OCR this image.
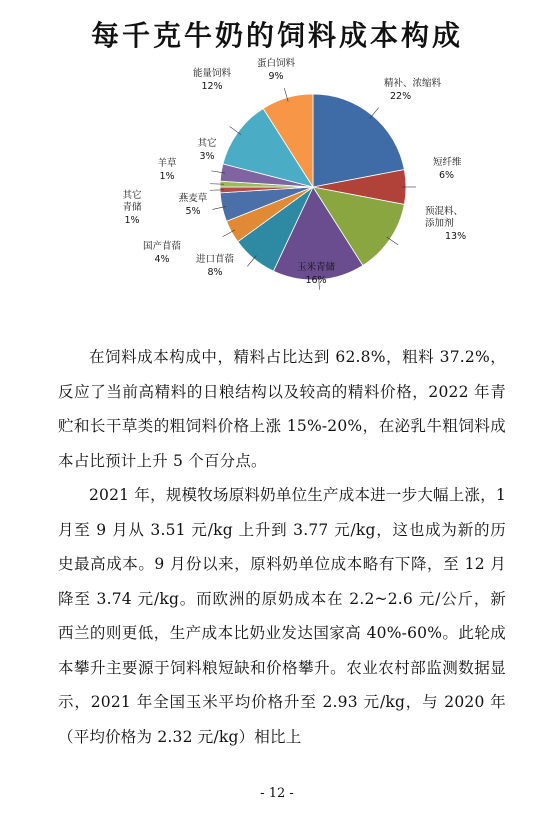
每千克牛奶的饲料成本构成
精补、浓缩料
22%
短纤维
6%
预混料、
添加剂
13%
玉米青储
16%
进口苜蓿
8%
国产苜蓿
4%
燕麦草
5%
其它
青储
1%
羊草
1%
其它
3%
能量饲料
12%
蛋白饲料
9%

在饲料成本构成中，精料占比达到 62.8%，粗料 37.2%，反应了当前高精料的日粮结构以及较高的精料价格，2022 年青贮和长干草类的粗饲料价格上涨 15%-20%，在泌乳牛粗饲料成本占比预计上升 5 个百分点。

2021 年，规模牧场原料奶单位生产成本进一步大幅上涨，1 月至 9 月从 3.51 元/kg 上升到 3.77 元/kg，这也成为新的历史最高成本。9 月份以来，原料奶单位成本略有下降，至 12 月降至 3.74 元/kg。而欧洲的原奶成本在 2.2~2.6 元/公斤，新西兰的则更低，生产成本比奶业发达国家高 40%-60%。此轮成本攀升主要源于饲料粮短缺和价格攀升。农业农村部监测数据显示，2021 年全国玉米平均价格升至 2.93 元/kg，与 2020 年（平均价格为 2.32 元/kg）相比上

- 12 -
